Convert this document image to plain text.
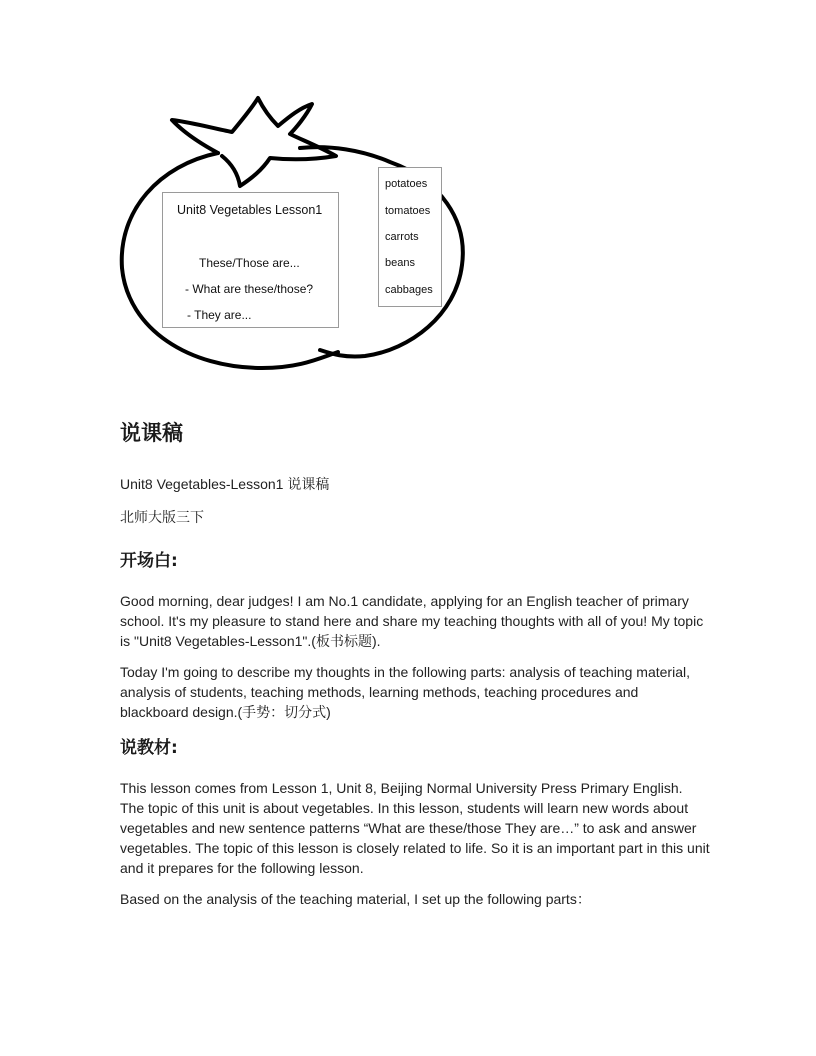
Unit8 Vegetables Lesson1
These/Those are...
- What are these/those?
- They are...
potatoes
tomatoes
carrots
beans
cabbages
说课稿

Unit8 Vegetables-Lesson1 说课稿

北师大版三下

开场白:

Good morning, dear judges! I am No.1 candidate, applying for an English teacher of primary school. It's my pleasure to stand here and share my teaching thoughts with all of you! My topic is "Unit8 Vegetables-Lesson1".(板书标题).

Today I'm going to describe my thoughts in the following parts: analysis of teaching material, analysis of students, teaching methods, learning methods, teaching procedures and blackboard design.(手势：切分式)

说教材:

This lesson comes from Lesson 1, Unit 8, Beijing Normal University Press Primary English. The topic of this unit is about vegetables. In this lesson, students will learn new words about vegetables and new sentence patterns “What are these/those They are…” to ask and answer vegetables. The topic of this lesson is closely related to life. So it is an important part in this unit and it prepares for the following lesson.

Based on the analysis of the teaching material, I set up the following parts：
